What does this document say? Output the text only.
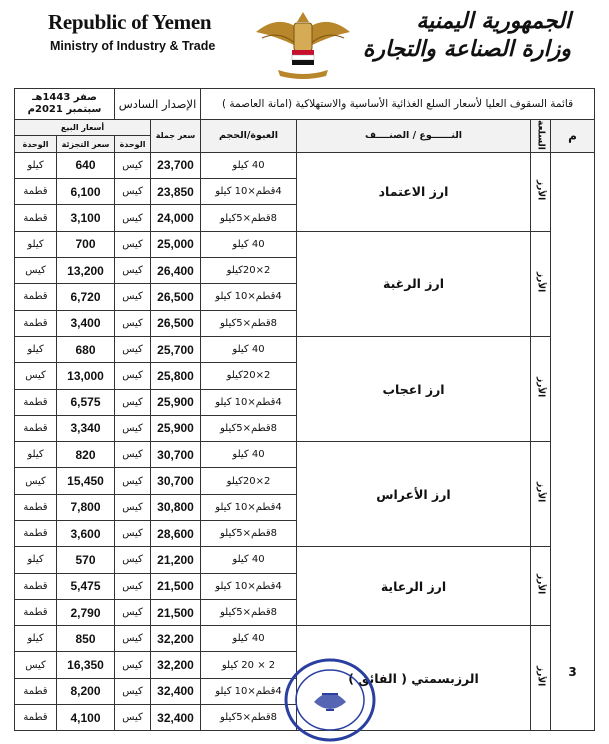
Republic of Yemen
Ministry of Industry & Trade
الجمهورية اليمنية
وزارة الصناعة والتجارة
صفر 1443هـ
سبتمبر 2021م		الإصدار السادس		قائمة السقوف العليا لأسعار السلع الغذائية الأساسية والاستهلاكية (امانة العاصمة )			
أسعار البيع			سعر جملة	العبوة/الحجم	النــــــوع / الصنــــف	السلعة	م
الوحدة	سعر التجزئة	الوحدة					
كيلو	640	كيس	23,700	40 كيلو	ارز الاعتماد	الأرز	3
قطمة	6,100	كيس	23,850	4قطم×10 كيلو			
قطمة	3,100	كيس	24,000	8قطم×5كيلو			
كيلو	700	كيس	25,000	40 كيلو	ارز الرغبة	الأرز	
كيس	13,200	كيس	26,400	2×20كيلو			
قطمة	6,720	كيس	26,500	4قطم×10 كيلو			
قطمة	3,400	كيس	26,500	8قطم×5كيلو			
كيلو	680	كيس	25,700	40 كيلو	ارز اعجاب	الأرز	
كيس	13,000	كيس	25,800	2×20كيلو			
قطمة	6,575	كيس	25,900	4قطم×10 كيلو			
قطمة	3,340	كيس	25,900	8قطم×5كيلو			
كيلو	820	كيس	30,700	40 كيلو	ارز الأعراس	الأرز	
كيس	15,450	كيس	30,700	2×20كيلو			
قطمة	7,800	كيس	30,800	4قطم×10 كيلو			
قطمة	3,600	كيس	28,600	8قطم×5كيلو			
كيلو	570	كيس	21,200	40 كيلو	ارز الرعاية	الأرز	
قطمة	5,475	كيس	21,500	4قطم×10 كيلو			
قطمة	2,790	كيس	21,500	8قطم×5كيلو			
كيلو	850	كيس	32,200	40 كيلو	الرزبسمتي ( الفائق )	الأرز	
كيس	16,350	كيس	32,200	2 × 20 كيلو			
قطمة	8,200	كيس	32,400	4قطم×10 كيلو			
قطمة	4,100	كيس	32,400	8قطم×5كيلو			
